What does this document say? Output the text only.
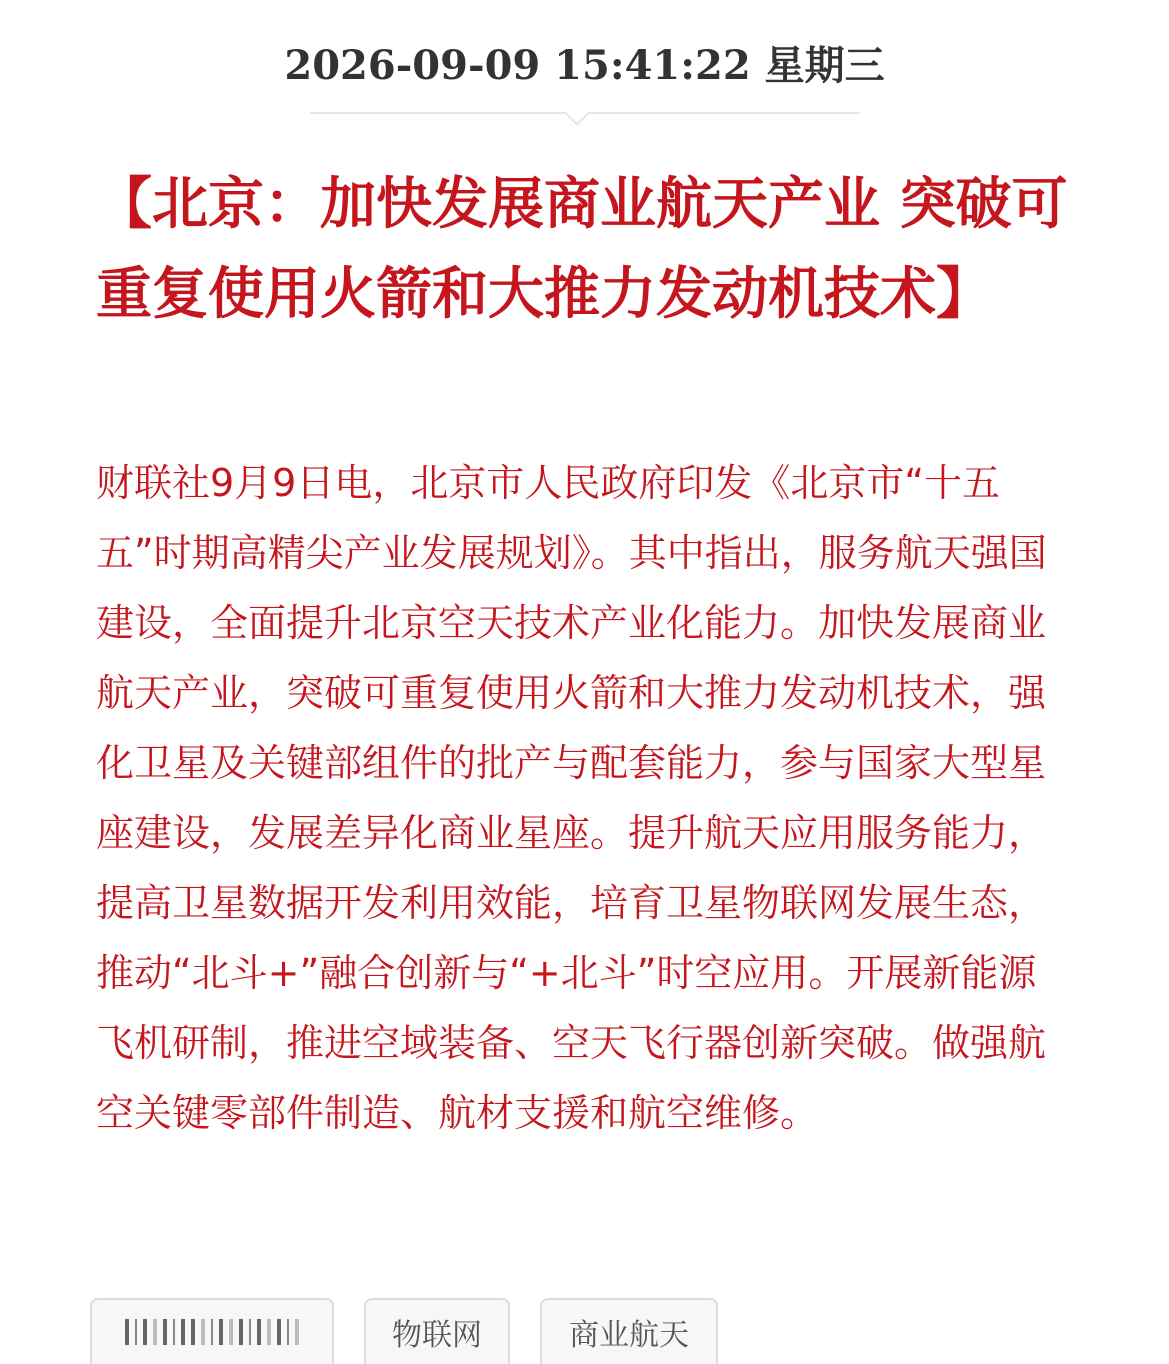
2026-09-09 15:41:22 星期三
【北京：加快发展商业航天产业 突破可重复使用火箭和大推力发动机技术】

财联社9月9日电，北京市人民政府印发《北京市“十五五”时期高精尖产业发展规划》。其中指出，服务航天强国建设，全面提升北京空天技术产业化能力。加快发展商业航天产业，突破可重复使用火箭和大推力发动机技术，强化卫星及关键部组件的批产与配套能力，参与国家大型星座建设，发展差异化商业星座。提升航天应用服务能力，提高卫星数据开发利用效能，培育卫星物联网发展生态，推动“北斗+”融合创新与“+北斗”时空应用。开展新能源飞机研制，推进空域装备、空天飞行器创新突破。做强航空关键零部件制造、航材支援和航空维修。

物联网	商业航天
